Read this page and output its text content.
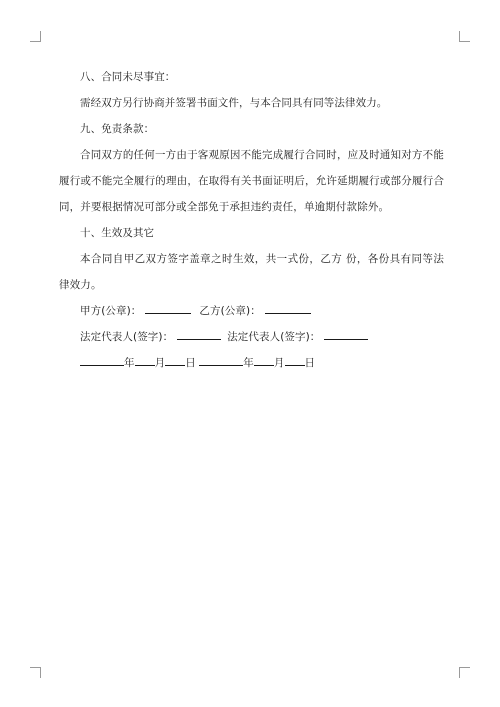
八、合同未尽事宜：

需经双方另行协商并签署书面文件，与本合同具有同等法律效力。

九、免责条款：

合同双方的任何一方由于客观原因不能完成履行合同时，应及时通知对方不能履行或不能完全履行的理由，在取得有关书面证明后，允许延期履行或部分履行合同，并要根据情况可部分或全部免于承担违约责任，单逾期付款除外。

十、生效及其它

本合同自甲乙双方签字盖章之时生效，共一式份，乙方 份，各份具有同等法律效力。

甲方(公章)：	乙方(公章)：

法定代表人(签字)：	法定代表人(签字)：

年 月 日	年 月 日
